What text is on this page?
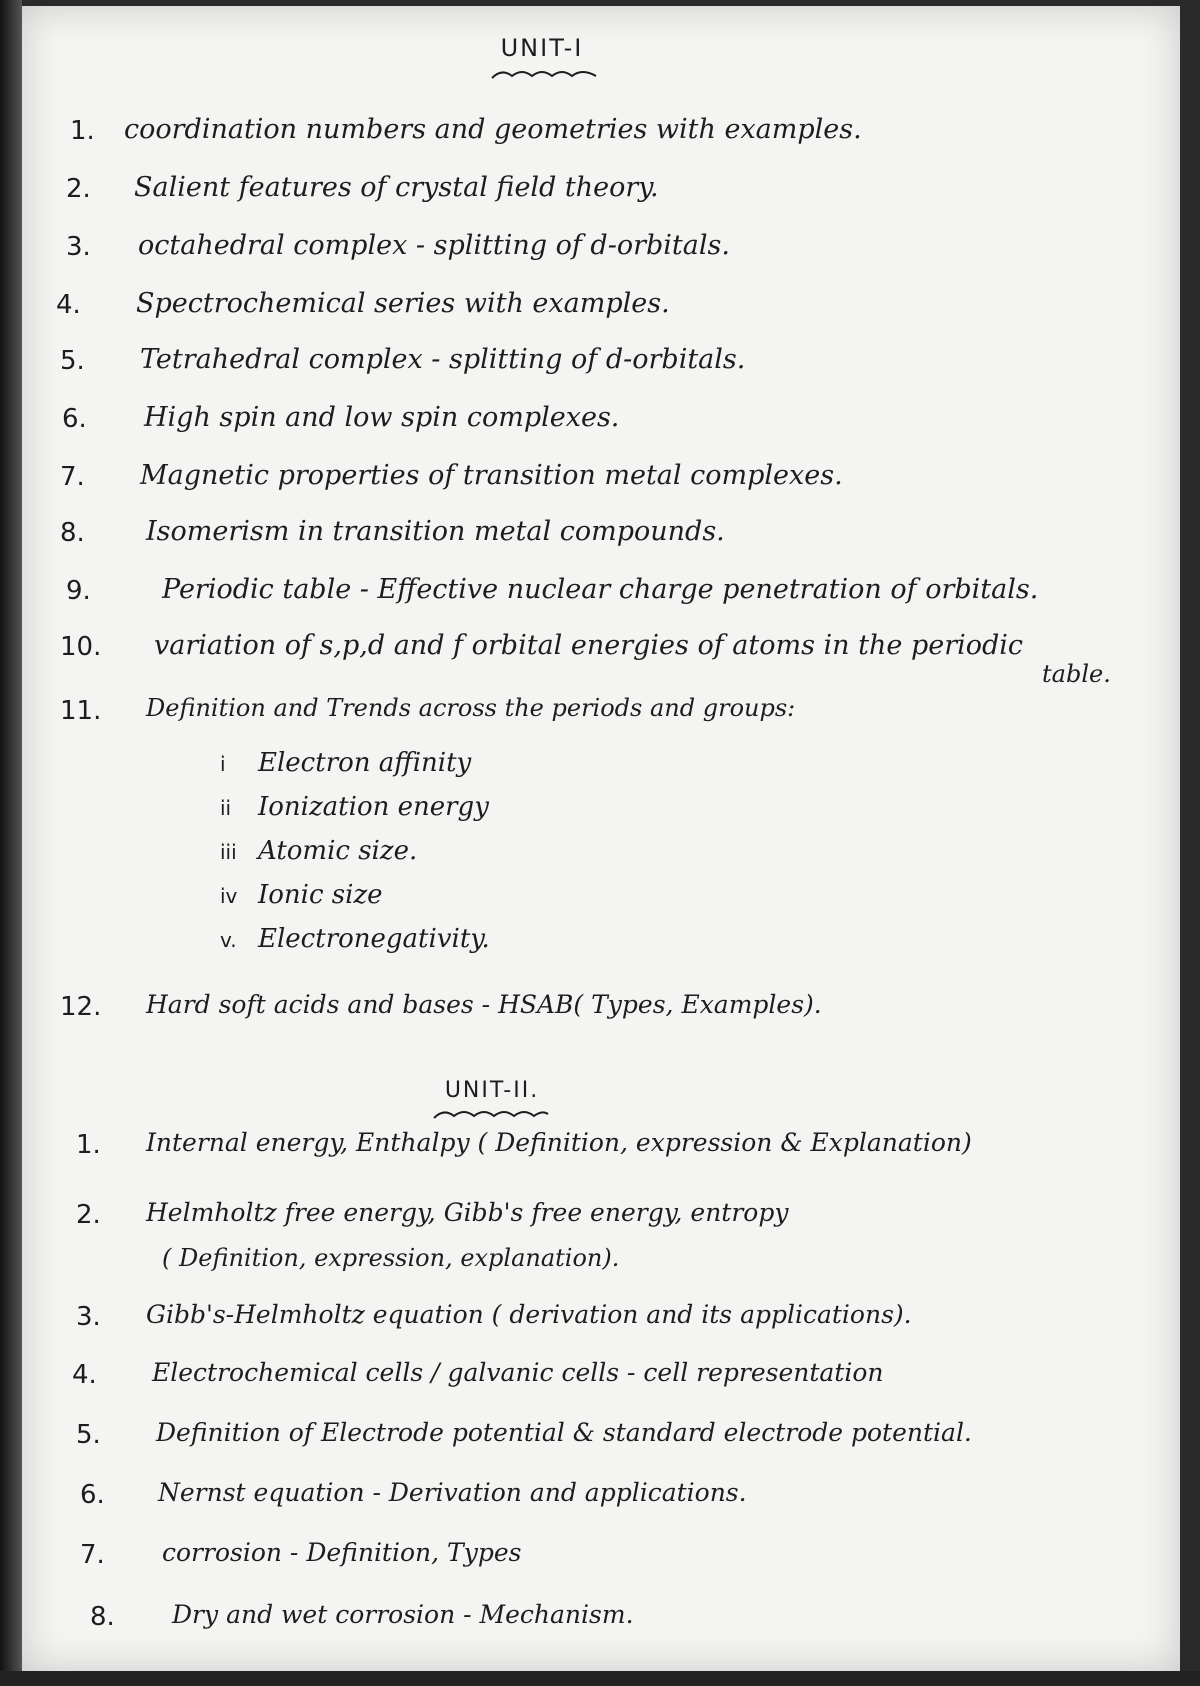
UNIT-I
1. coordination numbers and geometries with examples.
2. Salient features of crystal field theory.
3. octahedral complex - splitting of d-orbitals.
4. Spectrochemical series with examples.
5. Tetrahedral complex - splitting of d-orbitals.
6. High spin and low spin complexes.
7. Magnetic properties of transition metal complexes.
8. Isomerism in transition metal compounds.
9.	Periodic table - Effective nuclear charge penetration of orbitals.
10. variation of s,p,d and f orbital energies of atoms in the periodic
table.
11. Definition and Trends across the periods and groups:
i Electron affinity
ii Ionization energy
iii Atomic size.
iv Ionic size
v. Electronegativity.
12. Hard soft acids and bases - HSAB( Types, Examples).
UNIT-II.
1. Internal energy, Enthalpy ( Definition, expression & Explanation)
2. Helmholtz free energy, Gibb's free energy, entropy
( Definition, expression, explanation).
3. Gibb's-Helmholtz equation ( derivation and its applications).
4. Electrochemical cells / galvanic cells - cell representation
5. Definition of Electrode potential & standard electrode potential.
6. Nernst equation - Derivation and applications.
7. corrosion - Definition, Types
8. Dry and wet corrosion - Mechanism.
